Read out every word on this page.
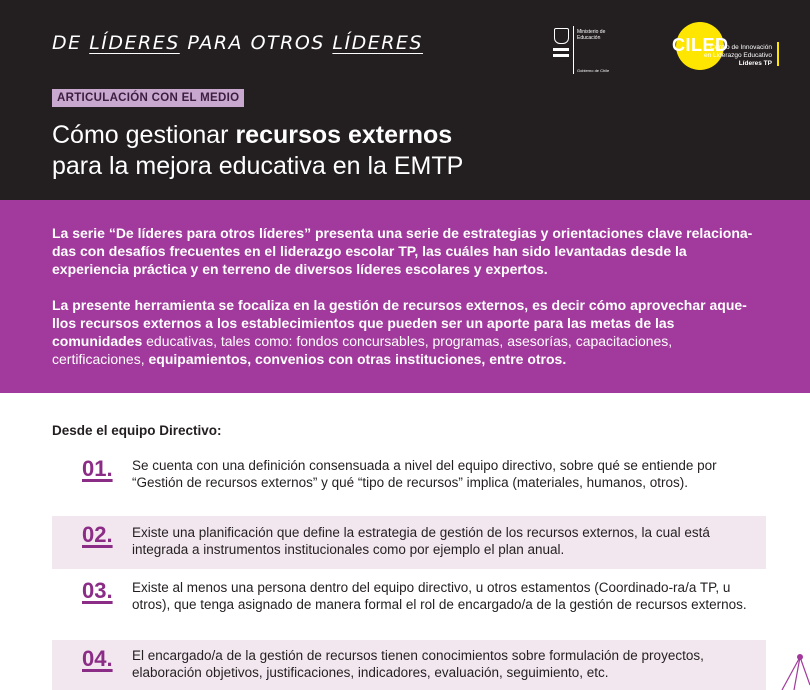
DE LÍDERES PARA OTROS LÍDERES	Ministerio de
Educación
Gobierno de Chile
CILED
Centro de Innovación
en Liderazgo Educativo
Líderes TP
ARTICULACIÓN CON EL MEDIO
Cómo gestionar recursos externos
para la mejora educativa en la EMTP

La serie “De líderes para otros líderes” presenta una serie de estrategias y orientaciones clave relaciona-das con desafíos frecuentes en el liderazgo escolar TP, las cuáles han sido levantadas desde la experiencia práctica y en terreno de diversos líderes escolares y expertos.

La presente herramienta se focaliza en la gestión de recursos externos, es decir cómo aprovechar aque-llos recursos externos a los establecimientos que pueden ser un aporte para las metas de las comunidades educativas, tales como: fondos concursables, programas, asesorías, capacitaciones, certificaciones, equipamientos, convenios con otras instituciones, entre otros.

Desde el equipo Directivo:
01. Se cuenta con una definición consensuada a nivel del equipo directivo, sobre qué se entiende por “Gestión de recursos externos” y qué “tipo de recursos” implica (materiales, humanos, otros).

02. Existe una planificación que define la estrategia de gestión de los recursos externos, la cual está integrada a instrumentos institucionales como por ejemplo el plan anual.

03. Existe al menos una persona dentro del equipo directivo, u otros estamentos (Coordinado-ra/a TP, u otros), que tenga asignado de manera formal el rol de encargado/a de la gestión de recursos externos.

04. El encargado/a de la gestión de recursos tienen conocimientos sobre formulación de proyectos, elaboración objetivos, justificaciones, indicadores, evaluación, seguimiento, etc.
